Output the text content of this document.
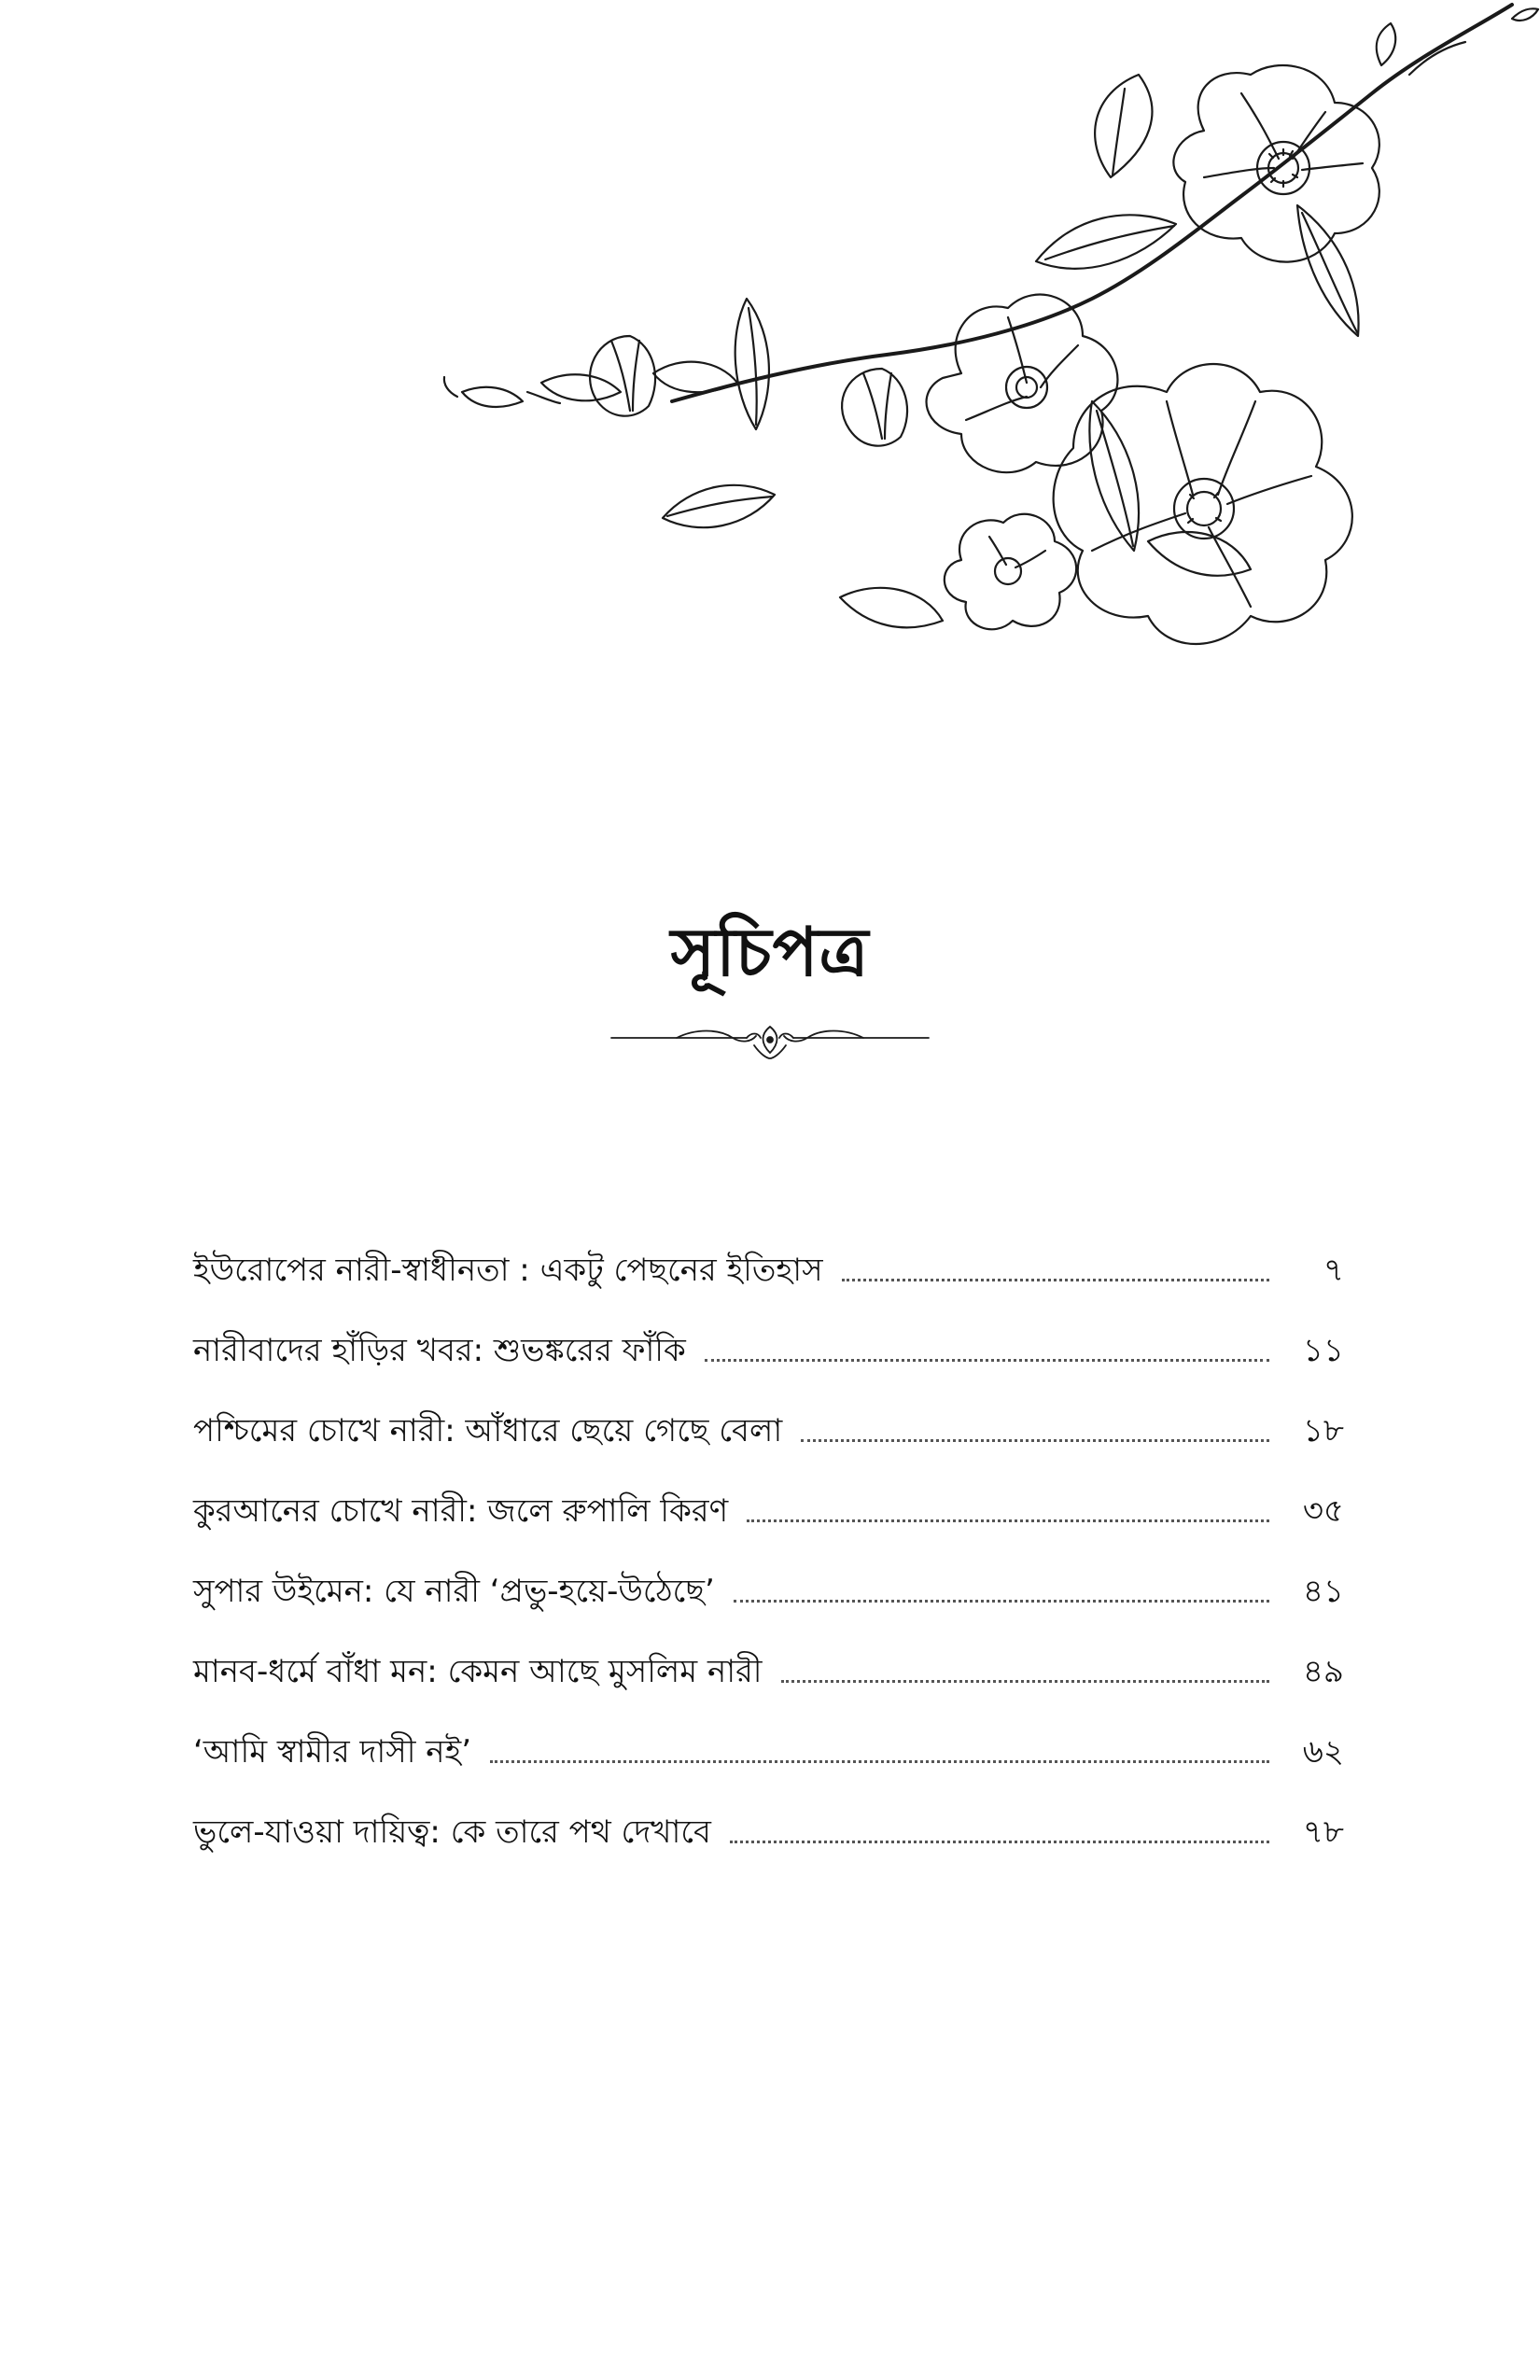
সূচিপত্র
ইউরোপের নারী-স্বাধীনতা : একটু পেছনের ইতিহাস	৭
নারীবাদের হাঁড়ির খবর: শুভঙ্করের ফাঁকি	১১
পশ্চিমের চোখে নারী: আঁধারে ছেয়ে গেছে বেলা	১৮
কুরআনের চোখে নারী: জলে রুপালি কিরণ	৩৫
সুপার উইমেন: যে নারী ‘প্রভু-হয়ে-উঠেছে’	৪১
মানব-ধর্মে বাঁধা মন: কেমন আছে মুসলিম নারী	৪৯
‘আমি স্বামীর দাসী নই’	৬২
ভুলে-যাওয়া দায়িত্ব: কে তারে পথ দেখাবে	৭৮
